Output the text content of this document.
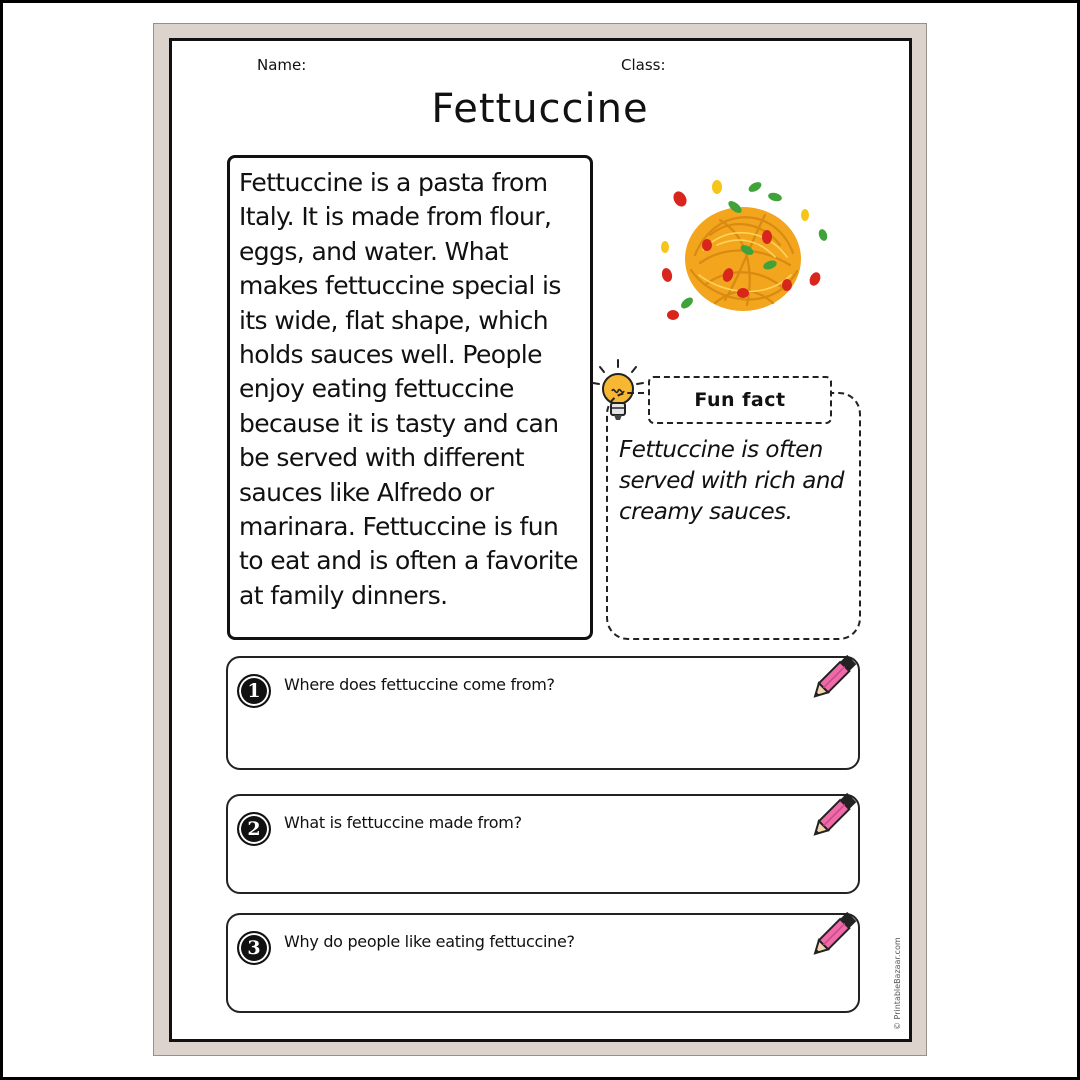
Name:	Class:
Fettuccine

Fettuccine is a pasta from Italy. It is made from flour, eggs, and water. What makes fettuccine special is its wide, flat shape, which holds sauces well. People enjoy eating fettuccine because it is tasty and can be served with different sauces like Alfredo or marinara. Fettuccine is fun to eat and is often a favorite at family dinners.

Fun fact
Fettuccine is often served with rich and creamy sauces.
1	Where does fettuccine come from?
2	What is fettuccine made from?
3	Why do people like eating fettuccine?	© PrintableBazaar.com
